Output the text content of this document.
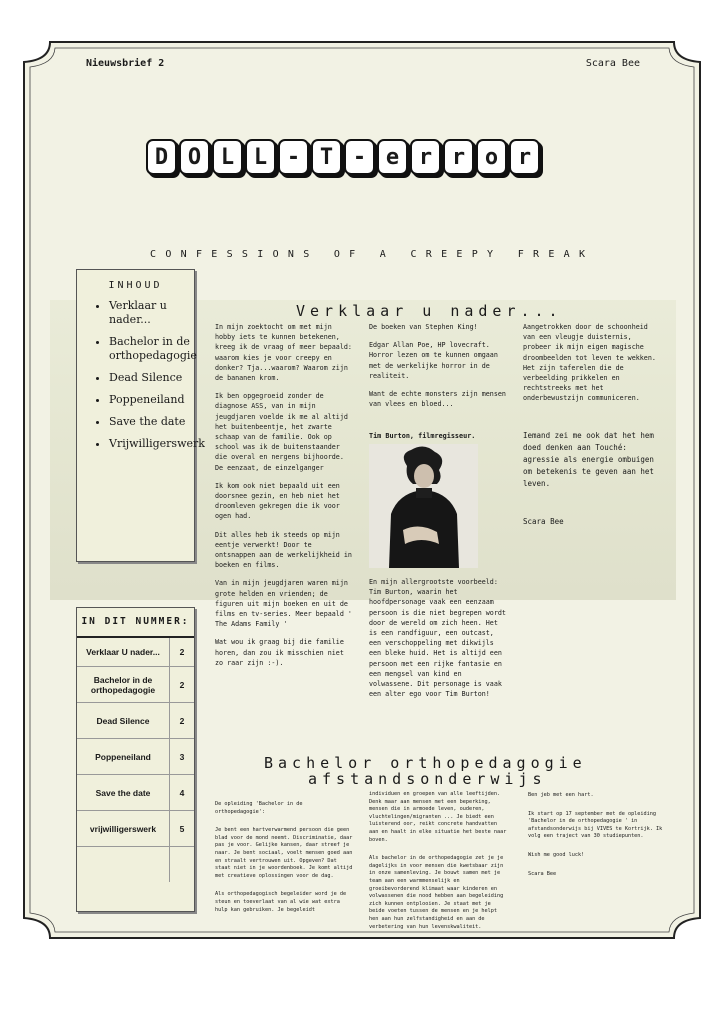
Nieuwsbrief 2	Scara Bee
D O L L - T - e r r o r
CONFESSIONS OF A CREEPY FREAK
INHOUD
• Verklaar u nader...
• Bachelor in de orthopedagogie
• Dead Silence
• Poppeneiland
• Save the date
• Vrijwilligerswerk
IN DIT NUMMER:
Verklaar U nader...	2
Bachelor in de orthopedagogie	2
Dead Silence	2
Poppeneiland	3
Save the date	4
vrijwilligerswerk	5

Verklaar u nader...

In mijn zoektocht om met mijn hobby iets te kunnen betekenen, kreeg ik de vraag of meer bepaald: waarom kies je voor creepy en donker? Tja...waarom? Waarom zijn de bananen krom.

Ik ben opgegroeid zonder de diagnose ASS, van in mijn jeugdjaren voelde ik me al altijd het buitenbeentje, het zwarte schaap van de familie. Ook op school was ik de buitenstaander die overal en nergens bijhoorde. De eenzaat, de einzelganger

Ik kom ook niet bepaald uit een doorsnee gezin, en heb niet het droomleven gekregen die ik voor ogen had.

Dit alles heb ik steeds op mijn eentje verwerkt! Door te ontsnappen aan de werkelijkheid in boeken en films.

Van in mijn jeugdjaren waren mijn grote helden en vrienden; de figuren uit mijn boeken en uit de films en tv-series. Meer bepaald ' The Adams Family '

Wat wou ik graag bij die familie horen, dan zou ik misschien niet zo raar zijn :-).

De boeken van Stephen King!

Edgar Allan Poe, HP lovecraft. Horror lezen om te kunnen omgaan met de werkelijke horror in de realiteit.

Want de echte monsters zijn mensen van vlees en bloed...

Tim Burton, filmregisseur.

En mijn allergrootste voorbeeld: Tim Burton, waarin het hoofdpersonage vaak een eenzaam persoon is die niet begrepen wordt door de wereld om zich heen. Het is een randfiguur, een outcast, een verschoppeling met dikwijls een bleke huid. Het is altijd een persoon met een rijke fantasie en een mengsel van kind en volwassene. Dit personage is vaak een alter ego voor Tim Burton!

Aangetrokken door de schoonheid van een vleugje duisternis, probeer ik mijn eigen magische droombeelden tot leven te wekken. Het zijn taferelen die de verbeelding prikkelen en rechtstreeks met het onderbewustzijn communiceren.

Iemand zei me ook dat het hem doed denken aan Touché: agressie als energie ombuigen om betekenis te geven aan het leven.
Scara Bee
Bachelor orthopedagogie
afstandsonderwijs

De opleiding 'Bachelor in de orthopedagogie':

Je bent een hartverwarmend persoon die geen blad voor de mond neemt. Discriminatie, daar pas je voor. Gelijke kansen, daar streef je naar. Je bent sociaal, voelt mensen goed aan en straalt vertrouwen uit. Opgeven? Dat staat niet in je woordenboek. Je komt altijd met creatieve oplossingen voor de dag.

Als orthopedagogisch begeleider word je de steun en toeverlaat van al wie wat extra hulp kan gebruiken. Je begeleidt

individuen en groepen van alle leeftijden. Denk maar aan mensen met een beperking, mensen die in armoede leven, ouderen, vluchtelingen/migranten ... Je biedt een luisterend oor, reikt concrete handvatten aan en haalt in elke situatie het beste naar boven.

Als bachelor in de orthopedagogie zet je je dagelijks in voor mensen die kwetsbaar zijn in onze samenleving. Je bouwt samen met je team aan een warmmenselijk en groeibevorderend klimaat waar kinderen en volwassenen die nood hebben aan begeleiding zich kunnen ontplooien. Je staat met je beide voeten tussen de mensen en je helpt hen aan hun zelfstandigheid en aan de verbetering van hun levenskwaliteit.

Ben jeb met een hart.

Ik start op 17 september met de opleiding 'Bachelor in de orthopedagogie ' in afstandsonderwijs bij VIVES te Kortrijk. Ik volg een traject van 30 studiepunten.

Wish me good luck!

Scara Bee
